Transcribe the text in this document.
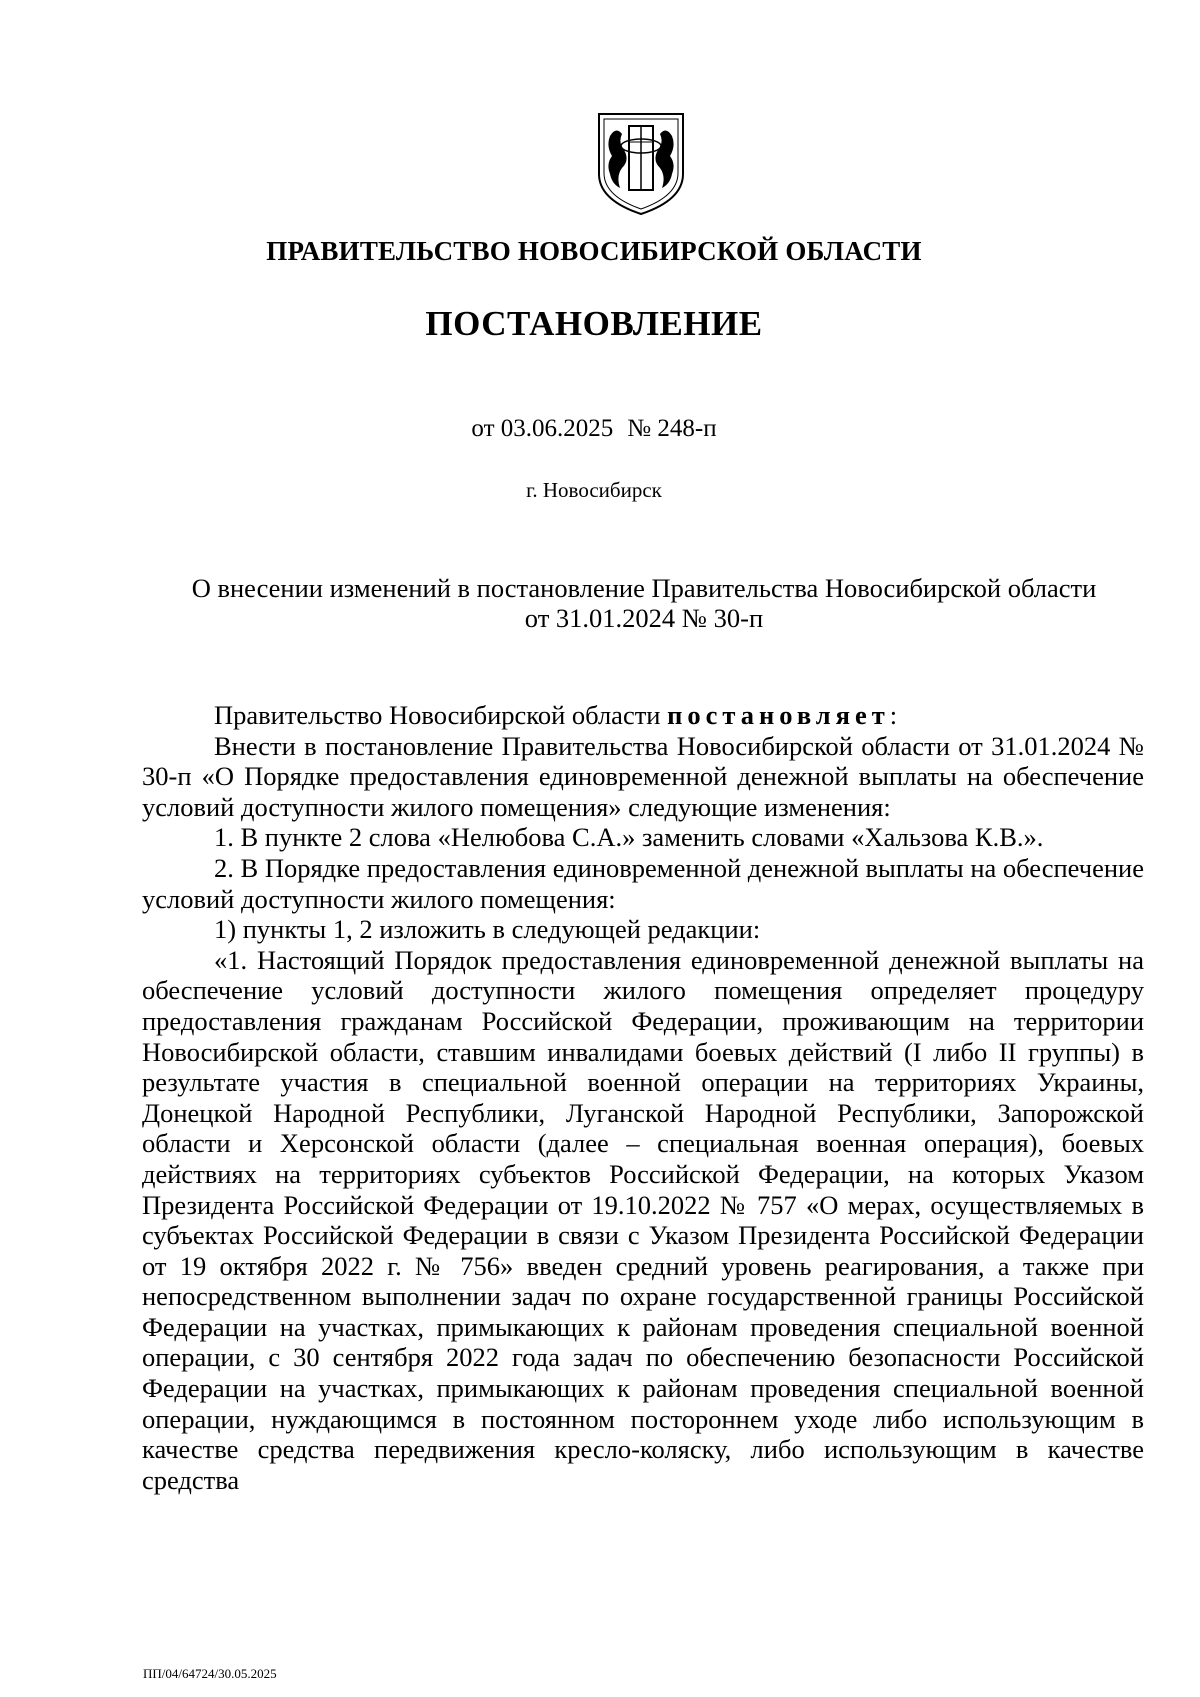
ПРАВИТЕЛЬСТВО НОВОСИБИРСКОЙ ОБЛАСТИ
ПОСТАНОВЛЕНИЕ
от 03.06.2025 № 248-п
г. Новосибирск
О внесении изменений в постановление Правительства Новосибирской области
от 31.01.2024 № 30-п

Правительство Новосибирской области постановляет:

Внести в постановление Правительства Новосибирской области от 31.01.2024 № 30-п «О Порядке предоставления единовременной денежной выплаты на обеспечение условий доступности жилого помещения» следующие изменения:

1. В пункте 2 слова «Нелюбова С.А.» заменить словами «Хальзова К.В.».

2. В Порядке предоставления единовременной денежной выплаты на обеспечение условий доступности жилого помещения:

1) пункты 1, 2 изложить в следующей редакции:

«1. Настоящий Порядок предоставления единовременной денежной выплаты на обеспечение условий доступности жилого помещения определяет процедуру предоставления гражданам Российской Федерации, проживающим на территории Новосибирской области, ставшим инвалидами боевых действий (I либо II группы) в результате участия в специальной военной операции на территориях Украины, Донецкой Народной Республики, Луганской Народной Республики, Запорожской области и Херсонской области (далее – специальная военная операция), боевых действиях на территориях субъектов Российской Федерации, на которых Указом Президента Российской Федерации от 19.10.2022 № 757 «О мерах, осуществляемых в субъектах Российской Федерации в связи с Указом Президента Российской Федерации от 19 октября 2022 г. № 756» введен средний уровень реагирования, а также при непосредственном выполнении задач по охране государственной границы Российской Федерации на участках, примыкающих к районам проведения специальной военной операции, с 30 сентября 2022 года задач по обеспечению безопасности Российской Федерации на участках, примыкающих к районам проведения специальной военной операции, нуждающимся в постоянном постороннем уходе либо использующим в качестве средства передвижения кресло-коляску, либо использующим в качестве средства

ПП/04/64724/30.05.2025
